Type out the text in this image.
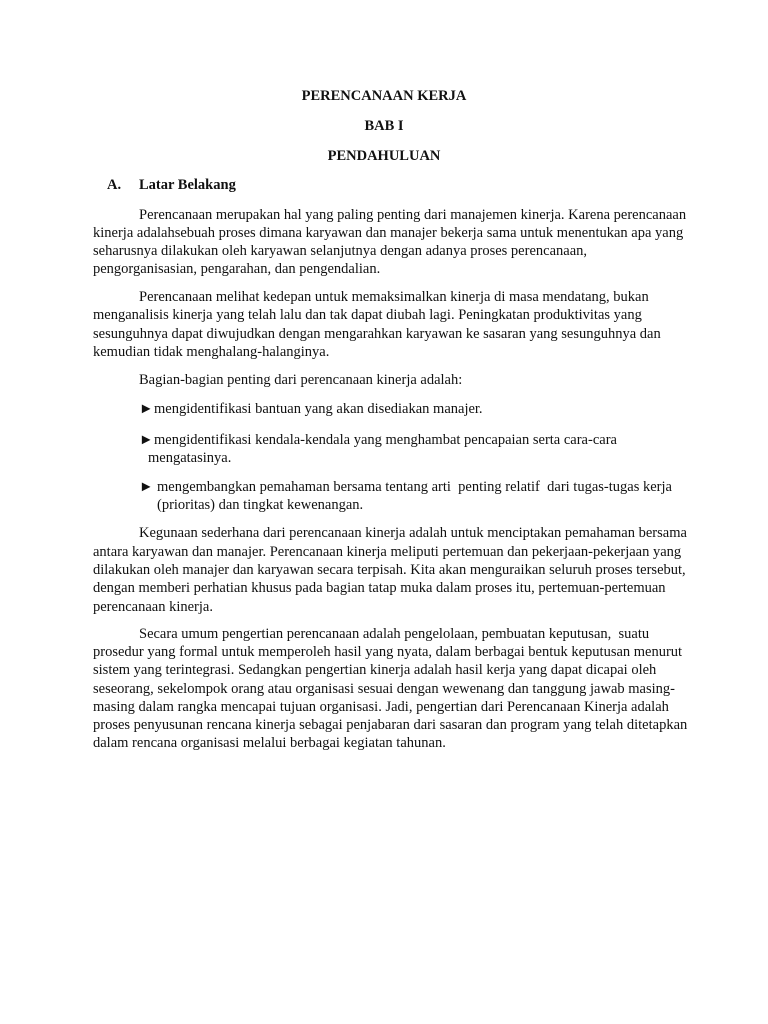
PERENCANAAN KERJA
BAB I
PENDAHULUAN
A. Latar Belakang
Perencanaan merupakan hal yang paling penting dari manajemen kinerja. Karena perencanaan
kinerja adalahsebuah proses dimana karyawan dan manajer bekerja sama untuk menentukan apa yang
seharusnya dilakukan oleh karyawan selanjutnya dengan adanya proses perencanaan,
pengorganisasian, pengarahan, dan pengendalian.
Perencanaan melihat kedepan untuk memaksimalkan kinerja di masa mendatang, bukan
menganalisis kinerja yang telah lalu dan tak dapat diubah lagi. Peningkatan produktivitas yang
sesunguhnya dapat diwujudkan dengan mengarahkan karyawan ke sasaran yang sesunguhnya dan
kemudian tidak menghalang-halanginya.
Bagian-bagian penting dari perencanaan kinerja adalah:
► mengidentifikasi bantuan yang akan disediakan manajer.
► mengidentifikasi kendala-kendala yang menghambat pencapaian serta cara-cara
mengatasinya.
► mengembangkan pemahaman bersama tentang arti  penting relatif  dari tugas-tugas kerja
(prioritas) dan tingkat kewenangan.
Kegunaan sederhana dari perencanaan kinerja adalah untuk menciptakan pemahaman bersama
antara karyawan dan manajer. Perencanaan kinerja meliputi pertemuan dan pekerjaan-pekerjaan yang
dilakukan oleh manajer dan karyawan secara terpisah. Kita akan menguraikan seluruh proses tersebut,
dengan memberi perhatian khusus pada bagian tatap muka dalam proses itu, pertemuan-pertemuan
perencanaan kinerja.
Secara umum pengertian perencanaan adalah pengelolaan, pembuatan keputusan,  suatu
prosedur yang formal untuk memperoleh hasil yang nyata, dalam berbagai bentuk keputusan menurut
sistem yang terintegrasi. Sedangkan pengertian kinerja adalah hasil kerja yang dapat dicapai oleh
seseorang, sekelompok orang atau organisasi sesuai dengan wewenang dan tanggung jawab masing-
masing dalam rangka mencapai tujuan organisasi. Jadi, pengertian dari Perencanaan Kinerja adalah
proses penyusunan rencana kinerja sebagai penjabaran dari sasaran dan program yang telah ditetapkan
dalam rencana organisasi melalui berbagai kegiatan tahunan.
